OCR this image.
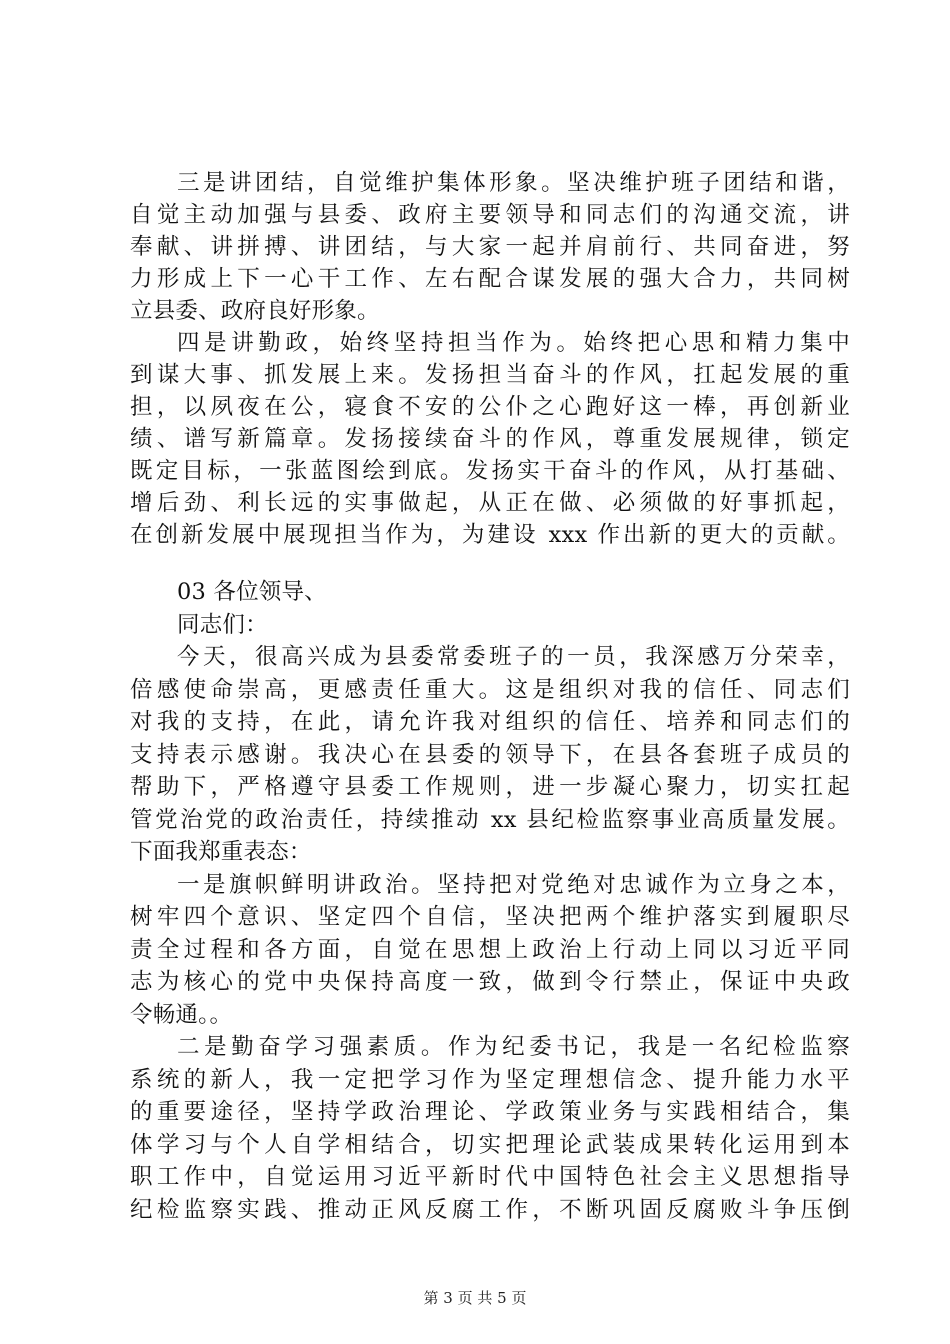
三是讲团结，自觉维护集体形象。坚决维护班子团结和谐，
自觉主动加强与县委、政府主要领导和同志们的沟通交流，讲
奉献、讲拼搏、讲团结，与大家一起并肩前行、共同奋进，努
力形成上下一心干工作、左右配合谋发展的强大合力，共同树
立县委、政府良好形象。
四是讲勤政，始终坚持担当作为。始终把心思和精力集中
到谋大事、抓发展上来。发扬担当奋斗的作风，扛起发展的重
担，以夙夜在公，寝食不安的公仆之心跑好这一棒，再创新业
绩、谱写新篇章。发扬接续奋斗的作风，尊重发展规律，锁定
既定目标，一张蓝图绘到底。发扬实干奋斗的作风，从打基础、
增后劲、利长远的实事做起，从正在做、必须做的好事抓起，
在创新发展中展现担当作为，为建设 xxx 作出新的更大的贡献。
03 各位领导、
同志们：
今天，很高兴成为县委常委班子的一员，我深感万分荣幸，
倍感使命崇高，更感责任重大。这是组织对我的信任、同志们
对我的支持，在此，请允许我对组织的信任、培养和同志们的
支持表示感谢。我决心在县委的领导下，在县各套班子成员的
帮助下，严格遵守县委工作规则，进一步凝心聚力，切实扛起
管党治党的政治责任，持续推动 xx 县纪检监察事业高质量发展。
下面我郑重表态：
一是旗帜鲜明讲政治。坚持把对党绝对忠诚作为立身之本，
树牢四个意识、坚定四个自信，坚决把两个维护落实到履职尽
责全过程和各方面，自觉在思想上政治上行动上同以习近平同
志为核心的党中央保持高度一致，做到令行禁止，保证中央政
令畅通。。
二是勤奋学习强素质。作为纪委书记，我是一名纪检监察
系统的新人，我一定把学习作为坚定理想信念、提升能力水平
的重要途径，坚持学政治理论、学政策业务与实践相结合，集
体学习与个人自学相结合，切实把理论武装成果转化运用到本
职工作中，自觉运用习近平新时代中国特色社会主义思想指导
纪检监察实践、推动正风反腐工作，不断巩固反腐败斗争压倒
第 3 页 共 5 页
